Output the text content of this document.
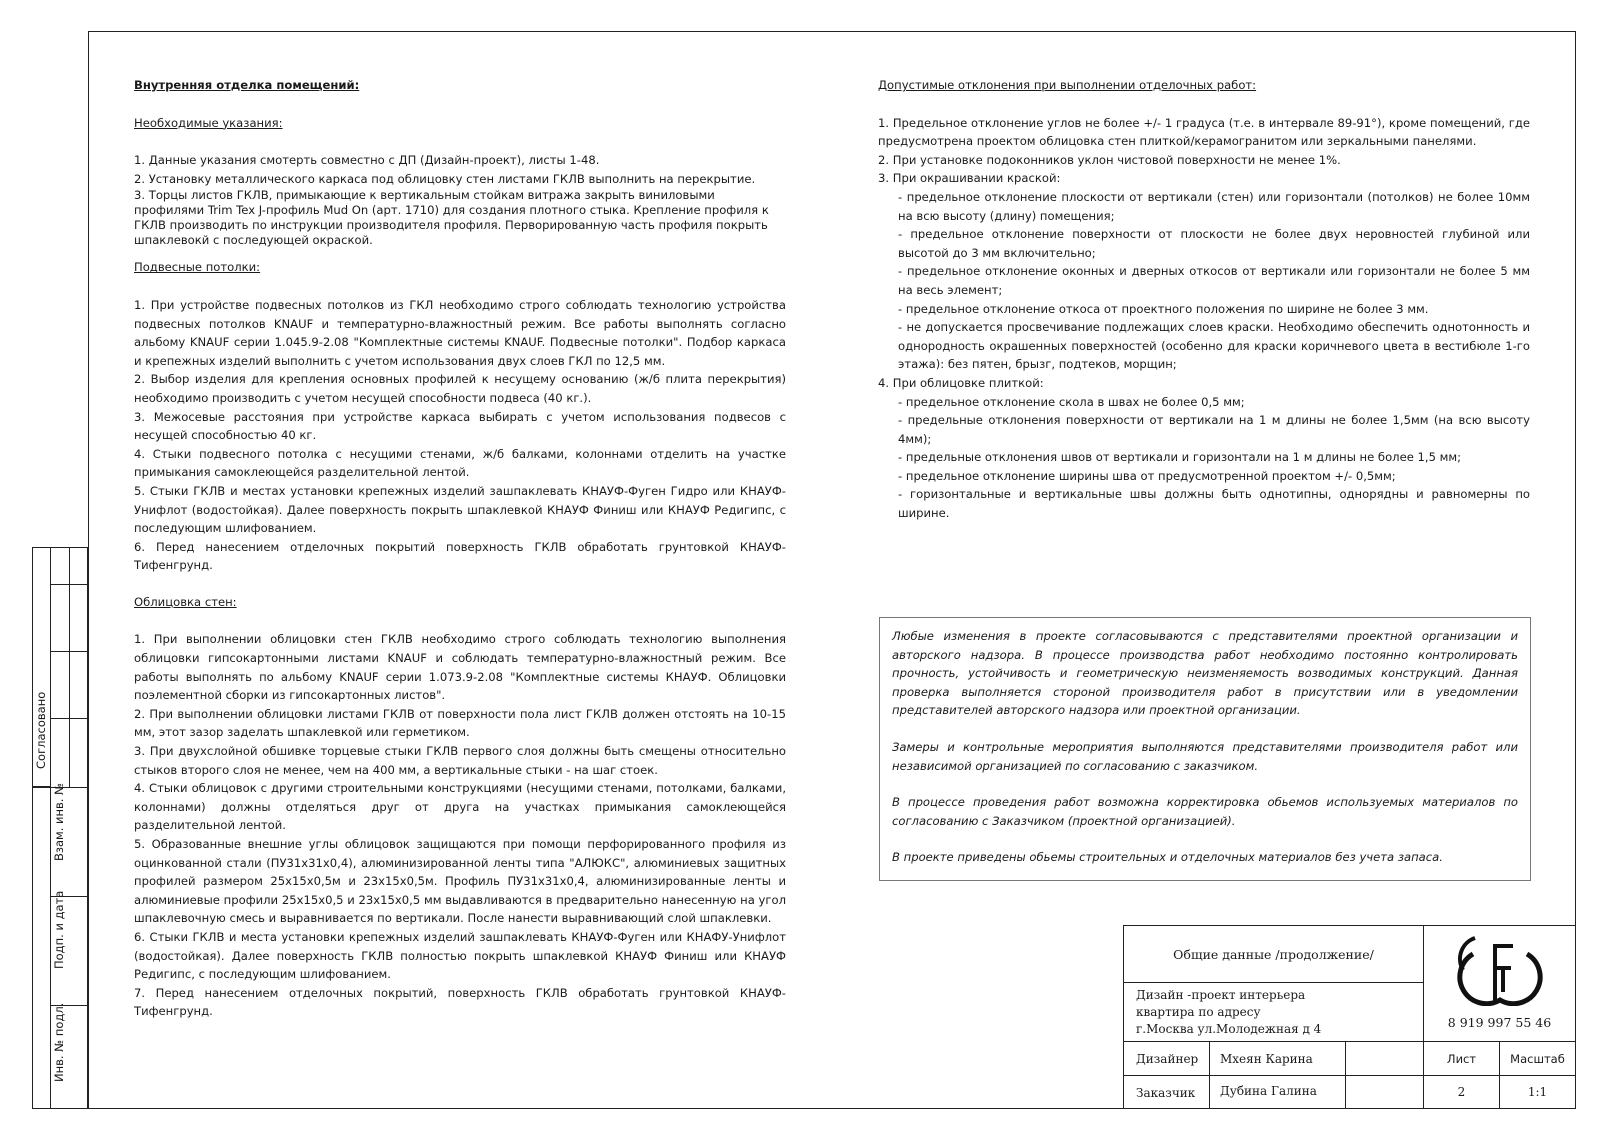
Внутренняя отделка помещений:

Необходимые указания:

1. Данные указания смотерть совместно с ДП (Дизайн-проект), листы 1-48.

2. Установку металлического каркаса под облицовку стен листами ГКЛВ выполнить на перекрытие.

3. Торцы листов ГКЛВ, примыкающие к вертикальным стойкам витража закрыть виниловыми профилями Trim Tex J-профиль Mud On (арт. 1710) для создания плотного стыка. Крепление профиля к ГКЛВ производить по инструкции производителя профиля. Перворированную часть профиля покрыть шпаклевокй с последующей окраской.

Подвесные потолки:

1. При устройстве подвесных потолков из ГКЛ необходимо строго соблюдать технологию устройства подвесных потолков KNAUF и температурно-влажностный режим. Все работы выполнять согласно альбому KNAUF серии 1.045.9-2.08 "Комплектные системы KNAUF. Подвесные потолки". Подбор каркаса и крепежных изделий выполнить с учетом использования двух слоев ГКЛ по 12,5 мм.

2. Выбор изделия для крепления основных профилей к несущему основанию (ж/б плита перекрытия) необходимо производить с учетом несущей способности подвеса (40 кг.).

3. Межосевые расстояния при устройстве каркаса выбирать с учетом использования подвесов с несущей способностью 40 кг.

4. Стыки подвесного потолка с несущими стенами, ж/б балками, колоннами отделить на участке примыкания самоклеющейся разделительной лентой.

5. Стыки ГКЛВ и местах установки крепежных изделий зашпаклевать КНАУФ-Фуген Гидро или КНАУФ-Унифлот (водостойкая). Далее поверхность покрыть шпаклевкой КНАУФ Финиш или КНАУФ Редигипс, с последующим шлифованием.

6. Перед нанесением отделочных покрытий поверхность ГКЛВ обработать грунтовкой КНАУФ-Тифенгрунд.

Облицовка стен:

1. При выполнении облицовки стен ГКЛВ необходимо строго соблюдать технологию выполнения облицовки гипсокартонными листами KNAUF и соблюдать температурно-влажностный режим. Все работы выполнять по альбому KNAUF серии 1.073.9-2.08 "Комплектные системы КНАУФ. Облицовки поэлементной сборки из гипсокартонных листов".

2. При выполнении облицовки листами ГКЛВ от поверхности пола лист ГКЛВ должен отстоять на 10-15 мм, этот зазор заделать шпаклевкой или герметиком.

3. При двухслойной обшивке торцевые стыки ГКЛВ первого слоя должны быть смещены относительно стыков второго слоя не менее, чем на 400 мм, а вертикальные стыки - на шаг стоек.

4. Стыки облицовок с другими строительными конструкциями (несущими стенами, потолками, балками, колоннами) должны отделяться друг от друга на участках примыкания самоклеющейся разделительной лентой.

5. Образованные внешние углы облицовок защищаются при помощи перфорированного профиля из оцинкованной стали (ПУ31x31x0,4), алюминизированной ленты типа "АЛЮКС", алюминиевых защитных профилей размером 25x15x0,5м и 23x15x0,5м. Профиль ПУ31x31x0,4, алюминизированные ленты и алюминиевые профили 25x15x0,5 и 23x15x0,5 мм выдавливаются в предварительно нанесенную на угол шпаклевочную смесь и выравнивается по вертикали. После нанести выравнивающий слой шпаклевки.

6. Стыки ГКЛВ и места установки крепежных изделий зашпаклевать КНАУФ-Фуген или КНАФУ-Унифлот (водостойкая). Далее поверхность ГКЛВ полностью покрыть шпаклевкой КНАУФ Финиш или КНАУФ Редигипс, с последующим шлифованием.

7. Перед нанесением отделочных покрытий, поверхность ГКЛВ обработать грунтовкой КНАУФ-Тифенгрунд.

Допустимые отклонения при выполнении отделочных работ:

1. Предельное отклонение углов не более +/- 1 градуса (т.е. в интервале 89-91°), кроме помещений, где предусмотрена проектом облицовка стен плиткой/керамогранитом или зеркальными панелями.

2. При установке подоконников уклон чистовой поверхности не менее 1%.

3. При окрашивании краской:

- предельное отклонение плоскости от вертикали (стен) или горизонтали (потолков) не более 10мм на всю высоту (длину) помещения;

- предельное отклонение поверхности от плоскости не более двух неровностей глубиной или высотой до 3 мм включительно;

- предельное отклонение оконных и дверных откосов от вертикали или горизонтали не более 5 мм на весь элемент;

- предельное отклонение откоса от проектного положения по ширине не более 3 мм.

- не допускается просвечивание подлежащих слоев краски. Необходимо обеспечить однотонность и однородность окрашенных поверхностей (особенно для краски коричневого цвета в вестибюле 1-го этажа): без пятен, брызг, подтеков, морщин;

4. При облицовке плиткой:

- предельное отклонение скола в швах не более 0,5 мм;

- предельные отклонения поверхности от вертикали на 1 м длины не более 1,5мм (на всю высоту 4мм);

- предельные отклонения швов от вертикали и горизонтали на 1 м длины не более 1,5 мм;

- предельное отклонение ширины шва от предусмотренной проектом +/- 0,5мм;

- горизонтальные и вертикальные швы должны быть однотипны, однорядны и равномерны по ширине.

Любые изменения в проекте согласовываются с представителями проектной организации и авторского надзора. В процессе производства работ необходимо постоянно контролировать прочность, устойчивость и геометрическую неизменяемость возводимых конструкций. Данная проверка выполняется стороной производителя работ в присутствии или в уведомлении представителей авторского надзора или проектной организации.

Замеры и контрольные мероприятия выполняются представителями производителя работ или независимой организацией по согласованию с заказчиком.

В процессе проведения работ возможна корректировка обьемов используемых материалов по согласованию с Заказчиком (проектной организацией).

В проекте приведены обьемы строительных и отделочных материалов без учета запаса.

Общие данные /продолжение/
Дизайн -проект интерьера
квартира по адресу
г.Москва ул.Молодежная д 4	8 919 997 55 46
Дизайнер Мхеян Карина	Лист	Масштаб
Заказчик Дубина Галина	2	1:1
Согласовано
Взам. инв. №
Подп. и дата
Инв. № подл.
